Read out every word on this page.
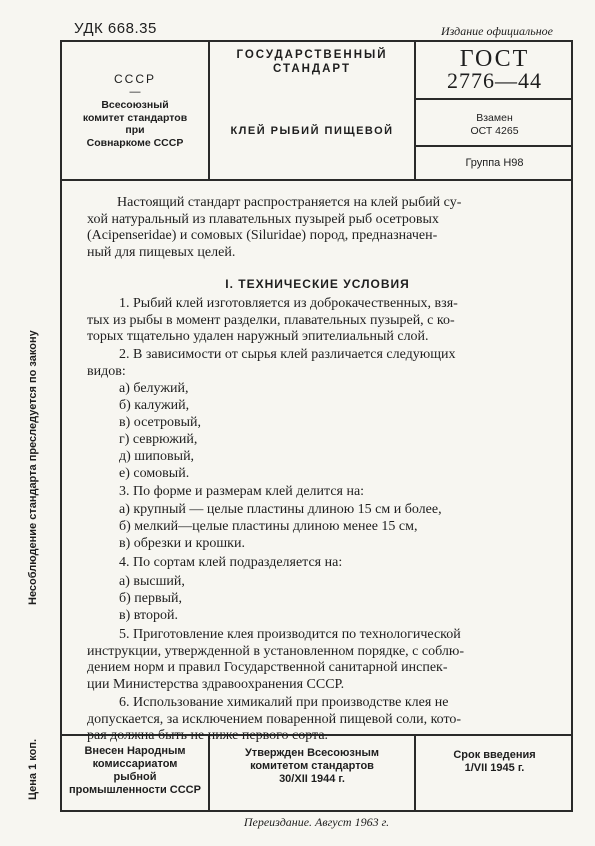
УДК 668.35	Издание официальное
Цена 1 коп.
Несоблюдение стандарта преследуется по закону
СССР
—
Всесоюзный
комитет стандартов
при
Совнаркоме СССР
ГОСУДАРСТВЕННЫЙ
СТАНДАРТ
КЛЕЙ РЫБИЙ ПИЩЕВОЙ
ГОСТ
2776—44
Взамен
ОСТ 4265
Группа Н98
Настоящий стандарт распространяется на клей рыбий су-
хой натуральный из плавательных пузырей рыб осетровых
(Acipenseridae) и сомовых (Siluridae) пород, предназначен-
ный для пищевых целей.
I. ТЕХНИЧЕСКИЕ УСЛОВИЯ
1. Рыбий клей изготовляется из доброкачественных, взя-
тых из рыбы в момент разделки, плавательных пузырей, с ко-
торых тщательно удален наружный эпителиальный слой.
2. В зависимости от сырья клей различается следующих
видов:
а) белужий,
б) калужий,
в) осетровый,
г) севрюжий,
д) шиповый,
е) сомовый.
3. По форме и размерам клей делится на:
а) крупный — целые пластины длиною 15 см и более,
б) мелкий—целые пластины длиною менее 15 см,
в) обрезки и крошки.
4. По сортам клей подразделяется на:
а) высший,
б) первый,
в) второй.
5. Приготовление клея производится по технологической
инструкции, утвержденной в установленном порядке, с соблю-
дением норм и правил Государственной санитарной инспек-
ции Министерства здравоохранения СССР.
6. Использование химикалий при производстве клея не
допускается, за исключением поваренной пищевой соли, кото-
рая должна быть не ниже первого сорта.
Внесен Народным
комиссариатом
рыбной
промышленности СССР
Утвержден Всесоюзным
комитетом стандартов
30/XII 1944 г.
Срок введения
1/VII 1945 г.
Переиздание. Август 1963 г.
